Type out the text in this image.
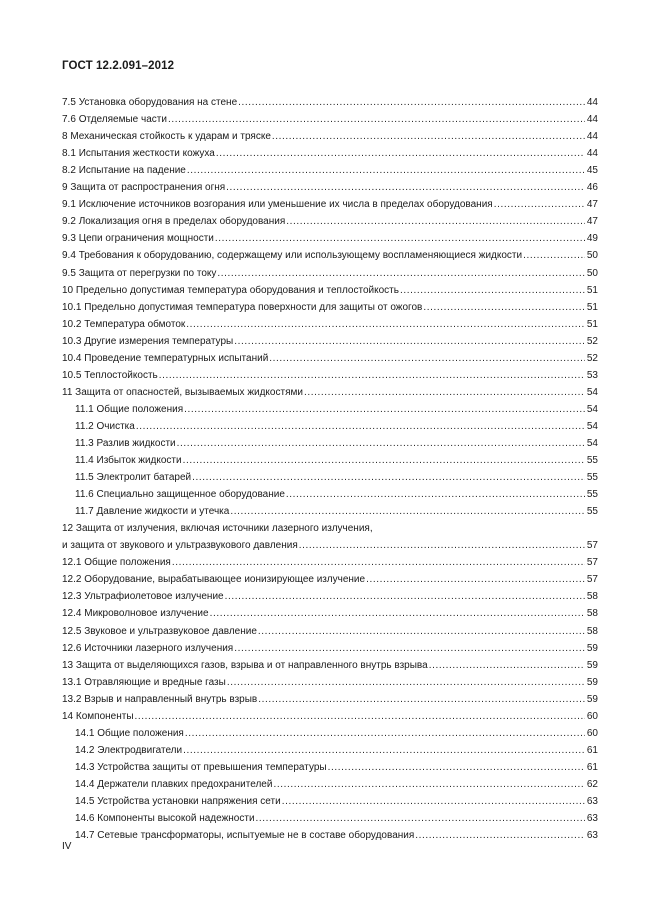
ГОСТ 12.2.091–2012
7.5 Установка оборудования на стене .....	44
7.6 Отделяемые части .....	44
8 Механическая стойкость к ударам и тряске .....	44
8.1 Испытания жесткости кожуха .....	44
8.2 Испытание на падение .....	45
9 Защита от распространения огня .....	46
9.1 Исключение источников возгорания или уменьшение их числа в пределах оборудования .....	47
9.2 Локализация огня в пределах оборудования .....	47
9.3 Цепи ограничения мощности .....	49
9.4 Требования к оборудованию, содержащему или использующему воспламеняющиеся жидкости .....	50
9.5 Защита от перегрузки по току .....	50
10 Предельно допустимая температура оборудования и теплостойкость .....	51
10.1 Предельно допустимая температура поверхности для защиты от ожогов .....	51
10.2 Температура обмоток .....	51
10.3 Другие измерения температуры .....	52
10.4 Проведение температурных испытаний .....	52
10.5 Теплостойкость .....	53
11 Защита от опасностей, вызываемых жидкостями .....	54
11.1 Общие положения .....	54
11.2 Очистка .....	54
11.3 Разлив жидкости .....	54
11.4 Избыток жидкости .....	55
11.5 Электролит батарей .....	55
11.6 Специально защищенное оборудование .....	55
11.7 Давление жидкости и утечка .....	55
12 Защита от излучения, включая источники лазерного излучения,
и защита от звукового и ультразвукового давления .....	57
12.1 Общие положения .....	57
12.2 Оборудование, вырабатывающее ионизирующее излучение .....	57
12.3 Ультрафиолетовое излучение .....	58
12.4 Микроволновое излучение .....	58
12.5 Звуковое и ультразвуковое давление .....	58
12.6 Источники лазерного излучения .....	59
13 Защита от выделяющихся газов, взрыва и от направленного внутрь взрыва .....	59
13.1 Отравляющие и вредные газы .....	59
13.2 Взрыв и направленный внутрь взрыв .....	59
14 Компоненты .....	60
14.1 Общие положения .....	60
14.2 Электродвигатели .....	61
14.3 Устройства защиты от превышения температуры .....	61
14.4 Держатели плавких предохранителей .....	62
14.5 Устройства установки напряжения сети .....	63
14.6 Компоненты высокой надежности .....	63
14.7 Сетевые трансформаторы, испытуемые не в составе оборудования .....	63
IV
